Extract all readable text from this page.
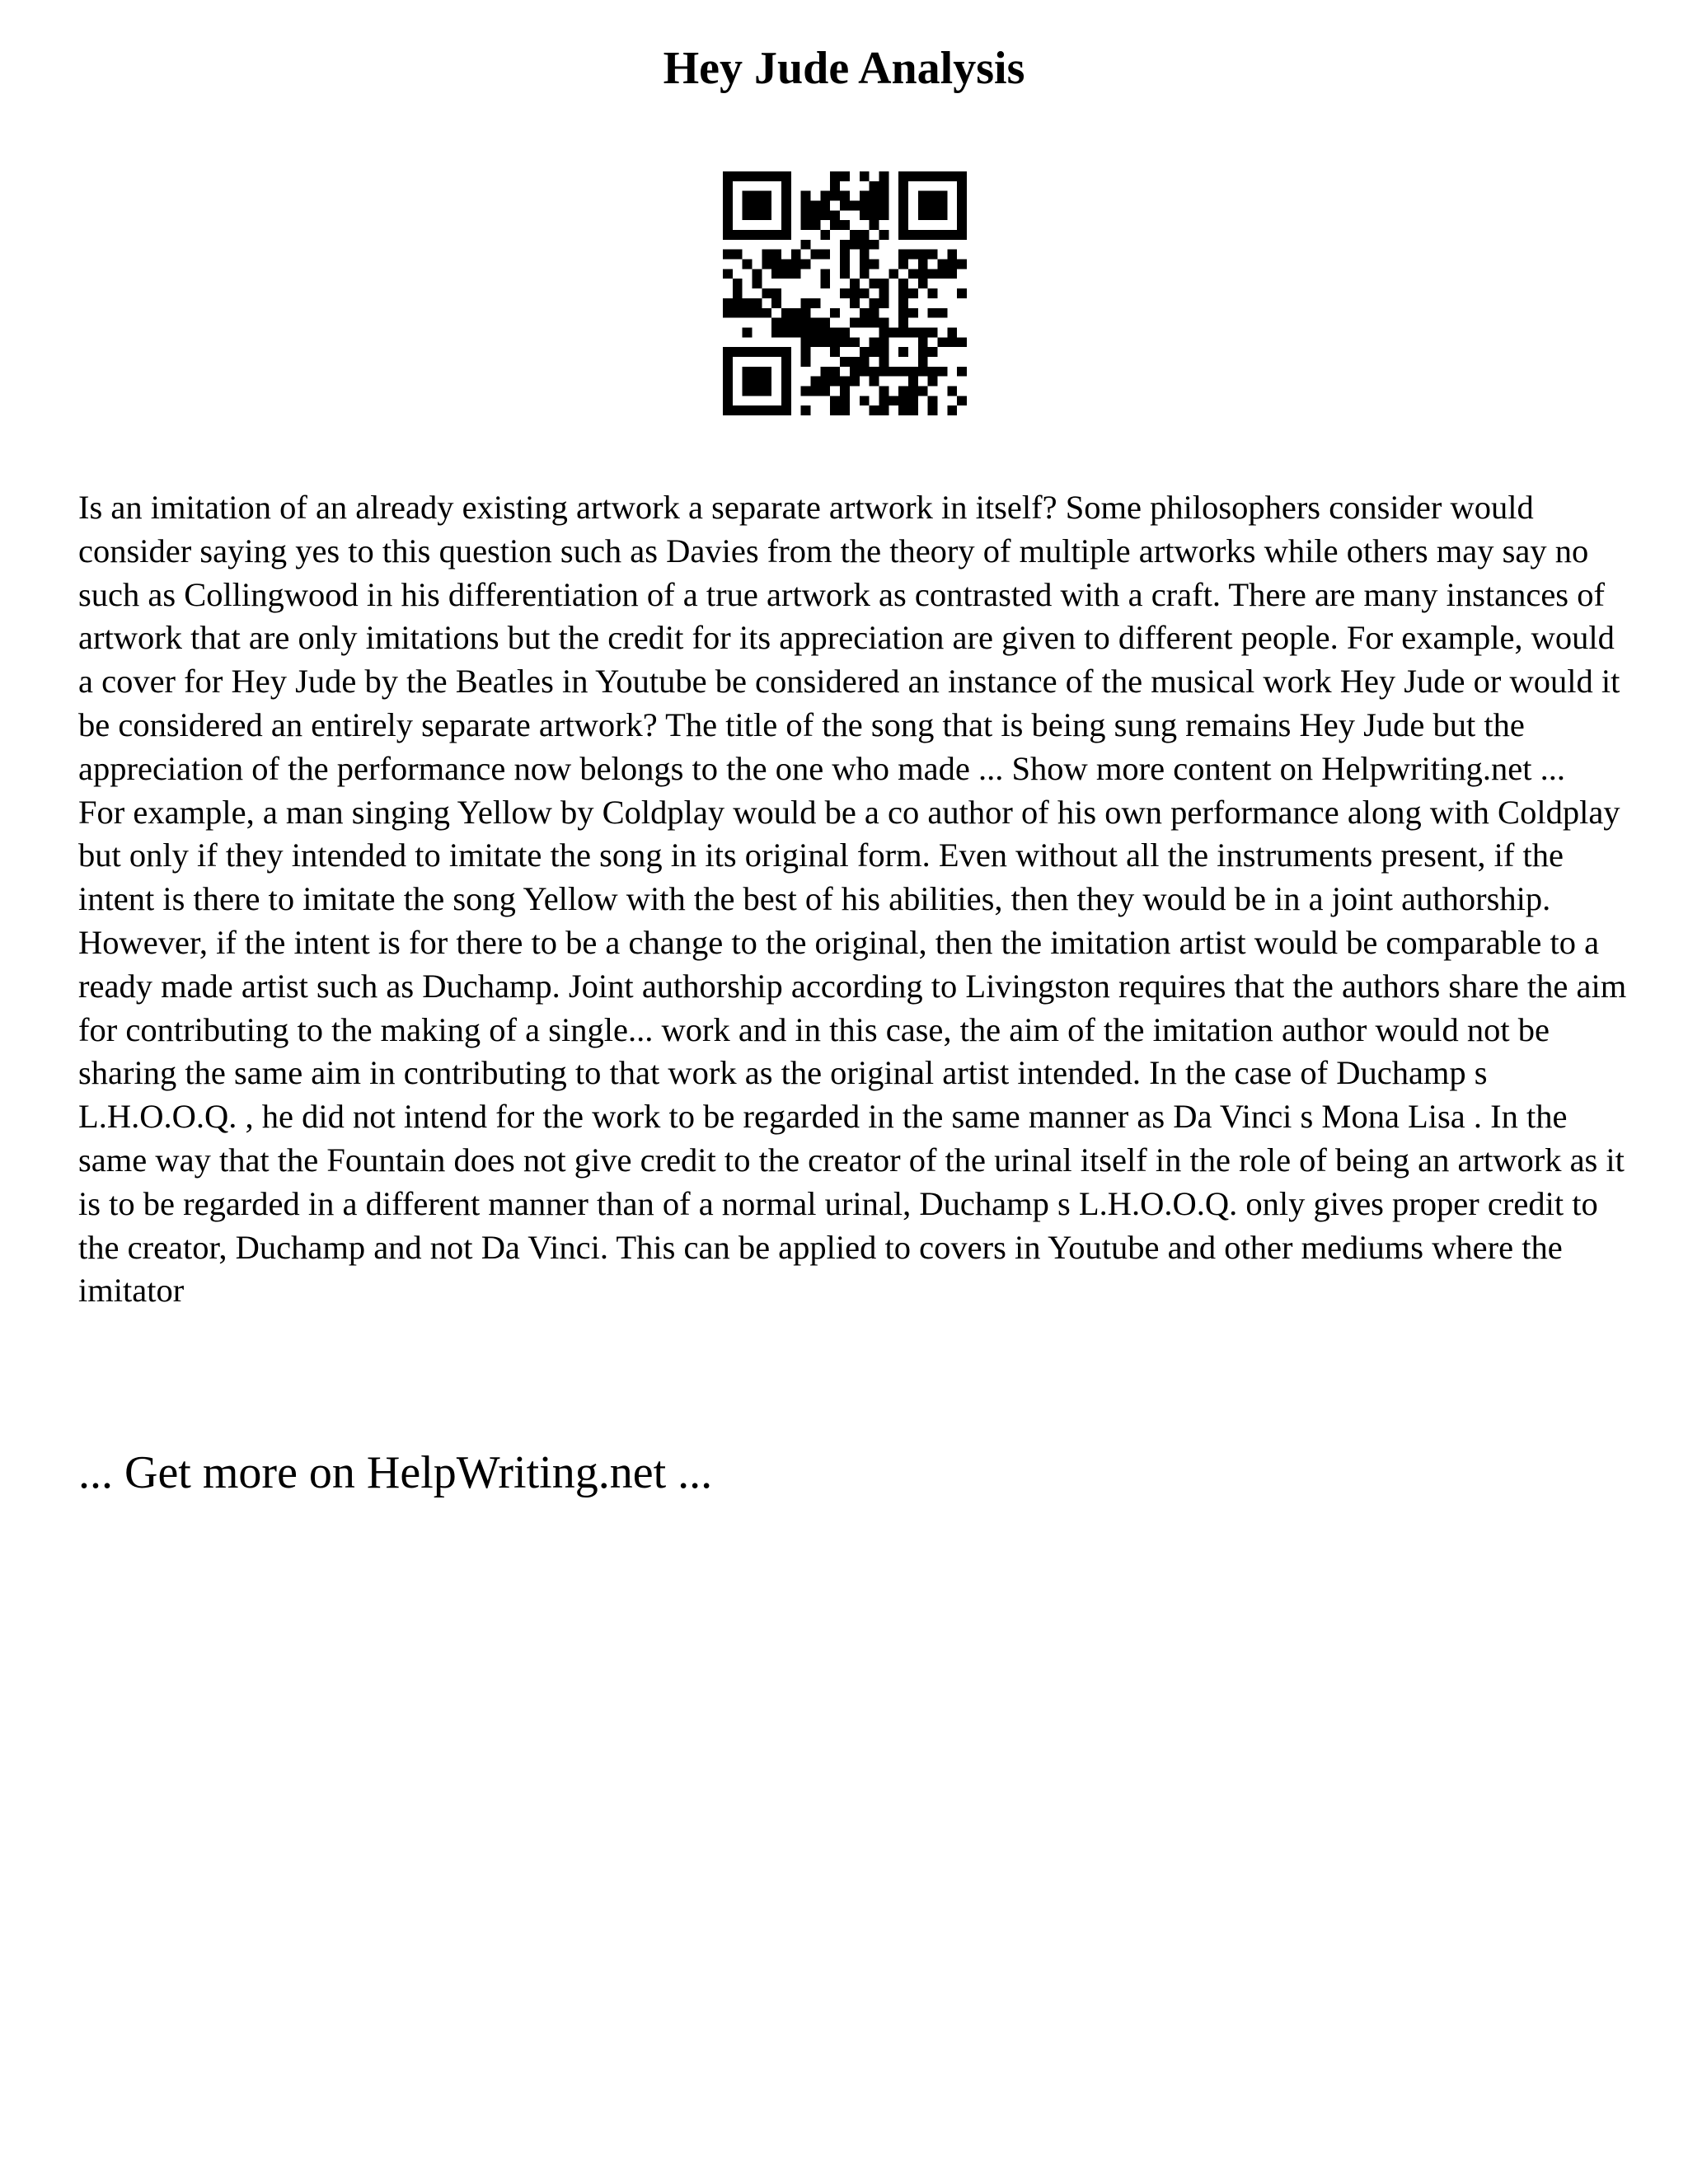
Hey Jude Analysis

Is an imitation of an already existing artwork a separate artwork in itself? Some philosophers consider would consider saying yes to this question such as Davies from the theory of multiple artworks while others may say no such as Collingwood in his differentiation of a true artwork as contrasted with a craft. There are many instances of artwork that are only imitations but the credit for its appreciation are given to different people. For example, would a cover for Hey Jude by the Beatles in Youtube be considered an instance of the musical work Hey Jude or would it be considered an entirely separate artwork? The title of the song that is being sung remains Hey Jude but the appreciation of the performance now belongs to the one who made ... Show more content on Helpwriting.net ...

For example, a man singing Yellow by Coldplay would be a co author of his own performance along with Coldplay but only if they intended to imitate the song in its original form. Even without all the instruments present, if the intent is there to imitate the song Yellow with the best of his abilities, then they would be in a joint authorship. However, if the intent is for there to be a change to the original, then the imitation artist would be comparable to a ready made artist such as Duchamp. Joint authorship according to Livingston requires that the authors share the aim for contributing to the making of a single... work and in this case, the aim of the imitation author would not be sharing the same aim in contributing to that work as the original artist intended. In the case of Duchamp s L.H.O.O.Q. , he did not intend for the work to be regarded in the same manner as Da Vinci s Mona Lisa . In the same way that the Fountain does not give credit to the creator of the urinal itself in the role of being an artwork as it is to be regarded in a different manner than of a normal urinal, Duchamp s L.H.O.O.Q. only gives proper credit to the creator, Duchamp and not Da Vinci. This can be applied to covers in Youtube and other mediums where the imitator

... Get more on HelpWriting.net ...
